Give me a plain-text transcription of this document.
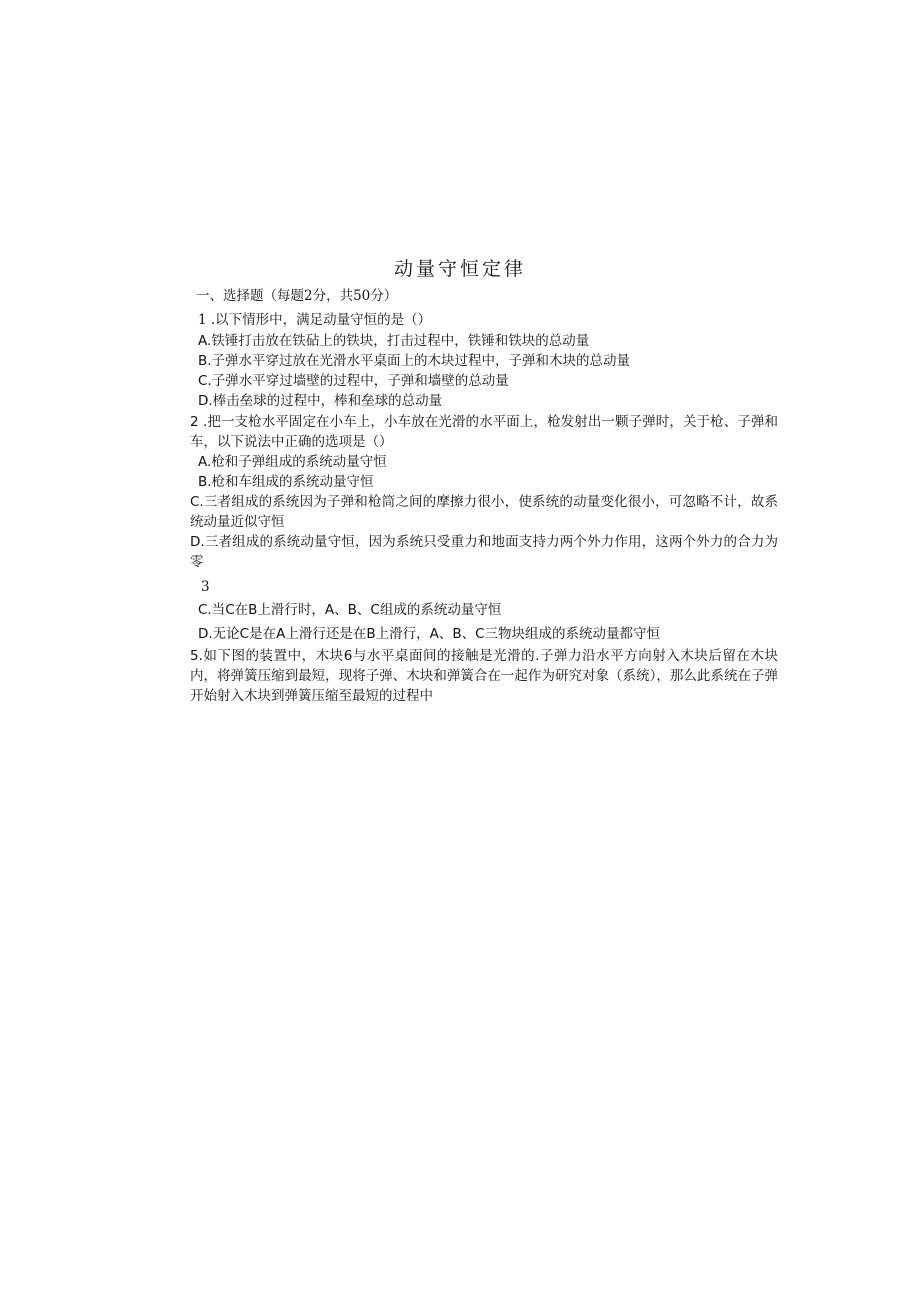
动量守恒定律
一、选择题（每题2分，共50分）
1 .以下情形中，满足动量守恒的是（）
A.铁锤打击放在铁砧上的铁块，打击过程中，铁锤和铁块的总动量
B.子弹水平穿过放在光滑水平桌面上的木块过程中，子弹和木块的总动量
C.子弹水平穿过墙壁的过程中，子弹和墙壁的总动量
D.棒击垒球的过程中，棒和垒球的总动量
2 .把一支枪水平固定在小车上，小车放在光滑的水平面上，枪发射出一颗子弹时，关于枪、子弹和车，以下说法中正确的选项是（）
A.枪和子弹组成的系统动量守恒
B.枪和车组成的系统动量守恒
C.三者组成的系统因为子弹和枪筒之间的摩擦力很小，使系统的动量变化很小，可忽略不计，故系统动量近似守恒
D.三者组成的系统动量守恒，因为系统只受重力和地面支持力两个外力作用，这两个外力的合力为零
3
C.当C在B上滑行时，A、B、C组成的系统动量守恒
D.无论C是在A上滑行还是在B上滑行，A、B、C三物块组成的系统动量都守恒
5.如下图的装置中，木块6与水平桌面间的接触是光滑的.子弹力沿水平方向射入木块后留在木块内，将弹簧压缩到最短，现将子弹、木块和弹簧合在一起作为研究对象（系统），那么此系统在子弹开始射入木块到弹簧压缩至最短的过程中
